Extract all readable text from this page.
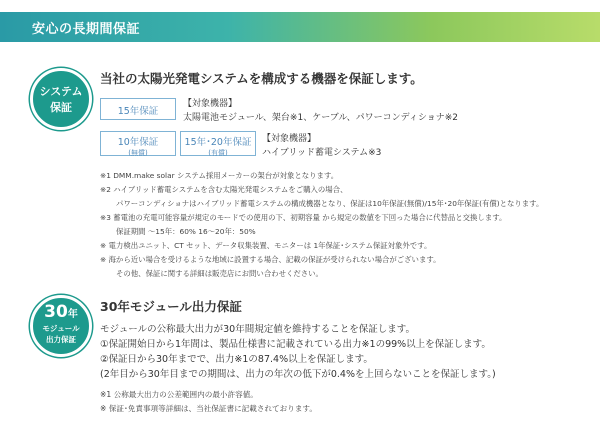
安心の長期間保証
システム
保証
当社の太陽光発電システムを構成する機器を保証します。
15年保証
【対象機器】
太陽電池モジュール、架台※1、ケーブル、パワーコンディショナ※2
10年保証
(無償)
15年･20年保証
(有償)
【対象機器】
ハイブリッド蓄電システム※3
※1 DMM.make solar システム採用メーカーの架台が対象となります。
※2 ハイブリッド蓄電システムを含む太陽光発電システムをご購入の場合、
パワーコンディショナはハイブリッド蓄電システムの構成機器となり、保証は10年保証(無償)/15年･20年保証(有償)となります。
※3 蓄電池の充電可能容量が規定のモードでの使用の下、初期容量 から規定の数値を下回った場合に代替品と交換します。
保証期間 〜15年：60% 16〜20年：50%
※ 電力検出ユニット、CT セット、データ収集装置、モニターは 1年保証･システム保証対象外です。
※ 海から近い場合を受けるような地域に設置する場合、記載の保証が受けられない場合がございます。
その他、保証に関する詳細は販売店にお問い合わせください。
30年
モジュール
出力保証
30年モジュール出力保証
モジュールの公称最大出力が30年間規定値を維持することを保証します。
①保証開始日から1年間は、製品仕様書に記載されている出力※1の99%以上を保証します。
②保証日から30年までで、出力※1の87.4%以上を保証します。
(2年目から30年目までの期間は、出力の年次の低下が0.4%を上回らないことを保証します。)
※1 公称最大出力の公差範囲内の最小許容値。
※ 保証･免責事項等詳細は、当社保証書に記載されております。
